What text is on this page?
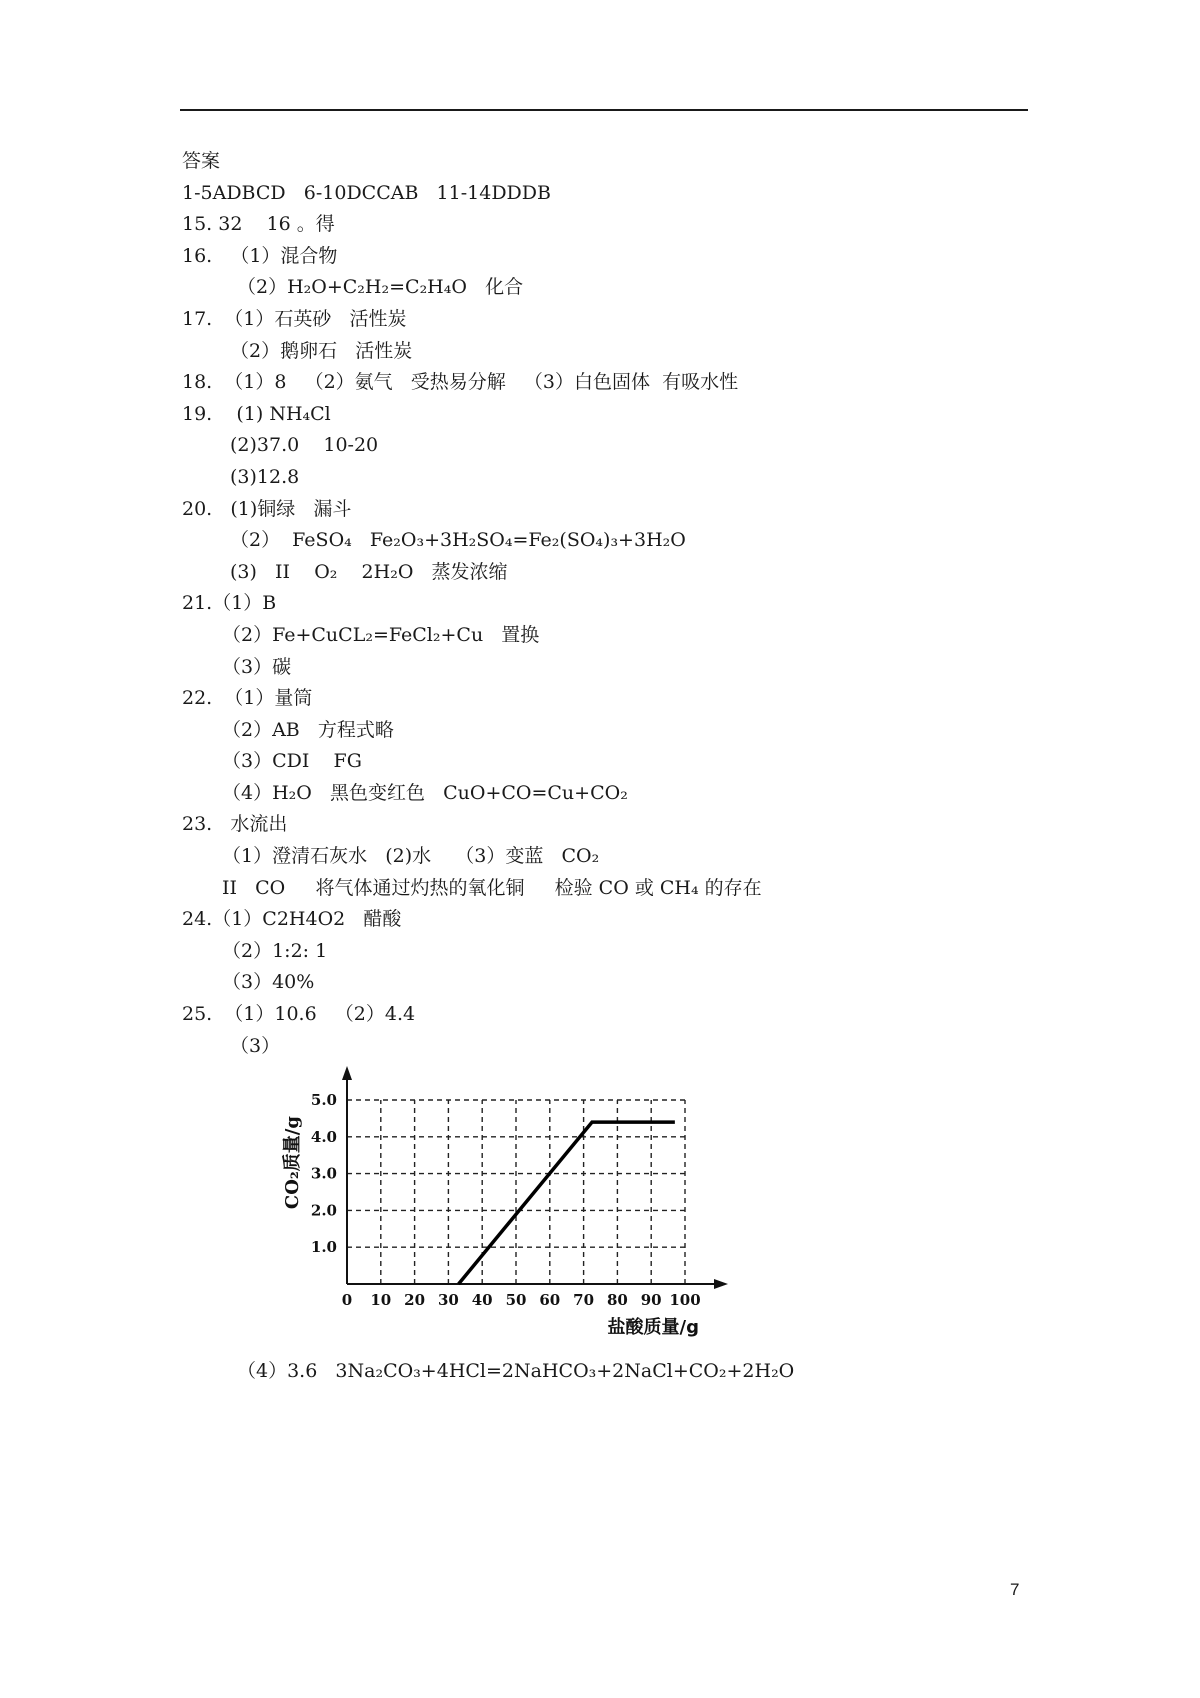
答案
1-5ADBCD   6-10DCCAB   11-14DDDB
15. 32    16 。得
16.   （1）混合物
（2）H₂O+C₂H₂=C₂H₄O   化合
17.  （1）石英砂   活性炭
（2）鹅卵石   活性炭
18.  （1）8   （2）氨气   受热易分解   （3）白色固体  有吸水性
19.    (1) NH₄Cl
(2)37.0    10-20
(3)12.8
20.   (1)铜绿   漏斗
（2）  FeSO₄   Fe₂O₃+3H₂SO₄=Fe₂(SO₄)₃+3H₂O
(3)   II    O₂    2H₂O   蒸发浓缩
21.（1）B
（2）Fe+CuCL₂=FeCl₂+Cu   置换
（3）碳
22.  （1）量筒
（2）AB   方程式略
（3）CDI    FG
（4）H₂O   黑色变红色   CuO+CO=Cu+CO₂
23.   水流出
（1）澄清石灰水   (2)水    （3）变蓝   CO₂
II   CO     将气体通过灼热的氧化铜     检验 CO 或 CH₄ 的存在
24.（1）C2H4O2   醋酸
（2）1:2: 1
（3）40%
25.  （1）10.6   （2）4.4
（3）
0 10 20 30 40 50 60 70 80 90 100
1.0
2.0
3.0
4.0
5.0
盐酸质量/g
CO₂质量/g
（4）3.6   3Na₂CO₃+4HCl=2NaHCO₃+2NaCl+CO₂+2H₂O
7
